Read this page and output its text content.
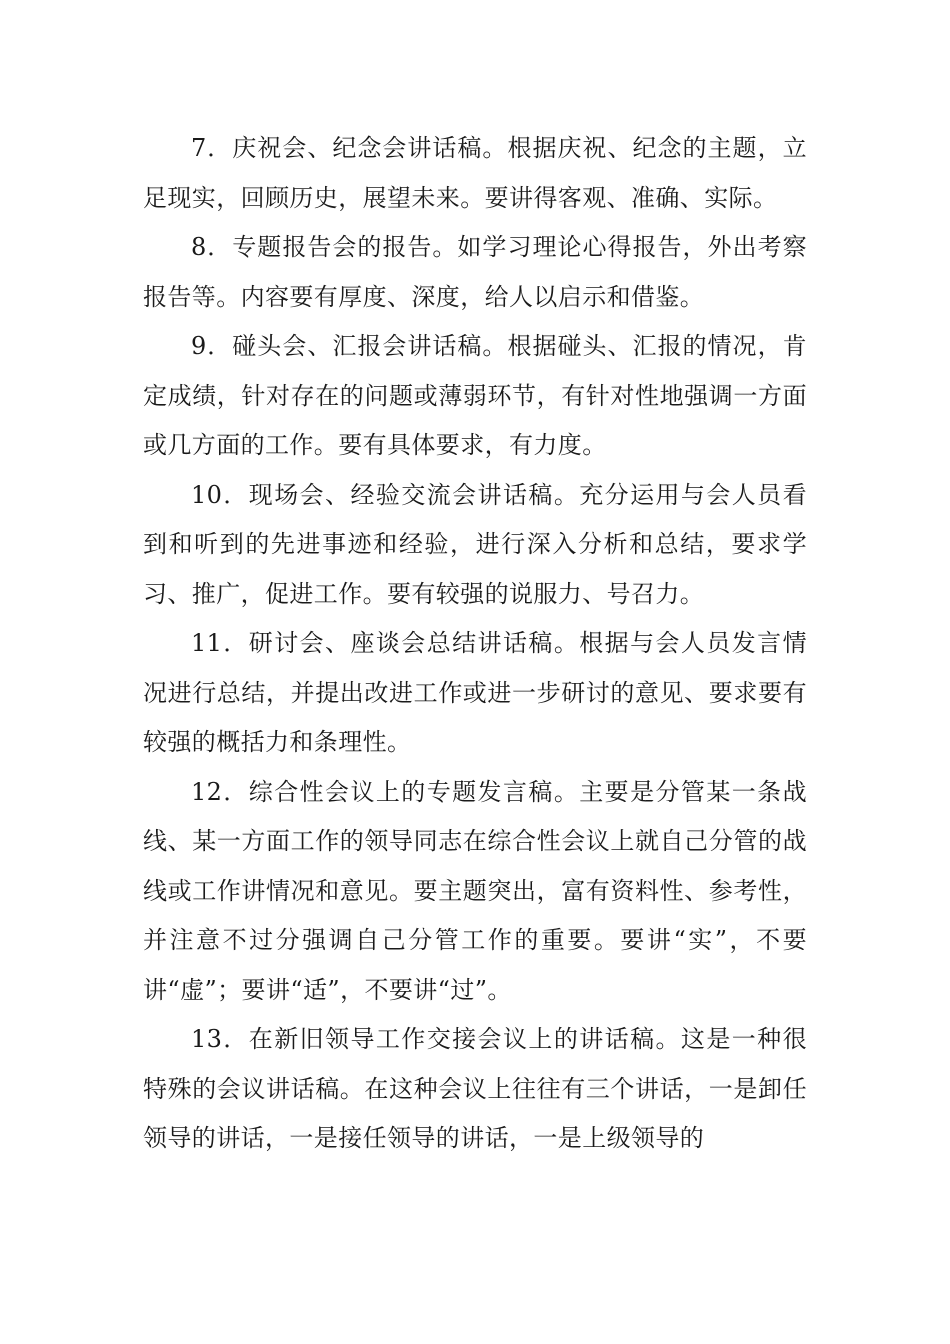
7．庆祝会、纪念会讲话稿。根据庆祝、纪念的主题，立足现实，回顾历史，展望未来。要讲得客观、准确、实际。

8．专题报告会的报告。如学习理论心得报告，外出考察报告等。内容要有厚度、深度，给人以启示和借鉴。

9．碰头会、汇报会讲话稿。根据碰头、汇报的情况，肯定成绩，针对存在的问题或薄弱环节，有针对性地强调一方面或几方面的工作。要有具体要求，有力度。

10．现场会、经验交流会讲话稿。充分运用与会人员看到和听到的先进事迹和经验，进行深入分析和总结，要求学习、推广，促进工作。要有较强的说服力、号召力。

11．研讨会、座谈会总结讲话稿。根据与会人员发言情况进行总结，并提出改进工作或进一步研讨的意见、要求要有较强的概括力和条理性。

12．综合性会议上的专题发言稿。主要是分管某一条战线、某一方面工作的领导同志在综合性会议上就自己分管的战线或工作讲情况和意见。要主题突出，富有资料性、参考性，并注意不过分强调自己分管工作的重要。要讲“实”，不要讲“虚”；要讲“适”，不要讲“过”。

13．在新旧领导工作交接会议上的讲话稿。这是一种很特殊的会议讲话稿。在这种会议上往往有三个讲话，一是卸任领导的讲话，一是接任领导的讲话，一是上级领导的
